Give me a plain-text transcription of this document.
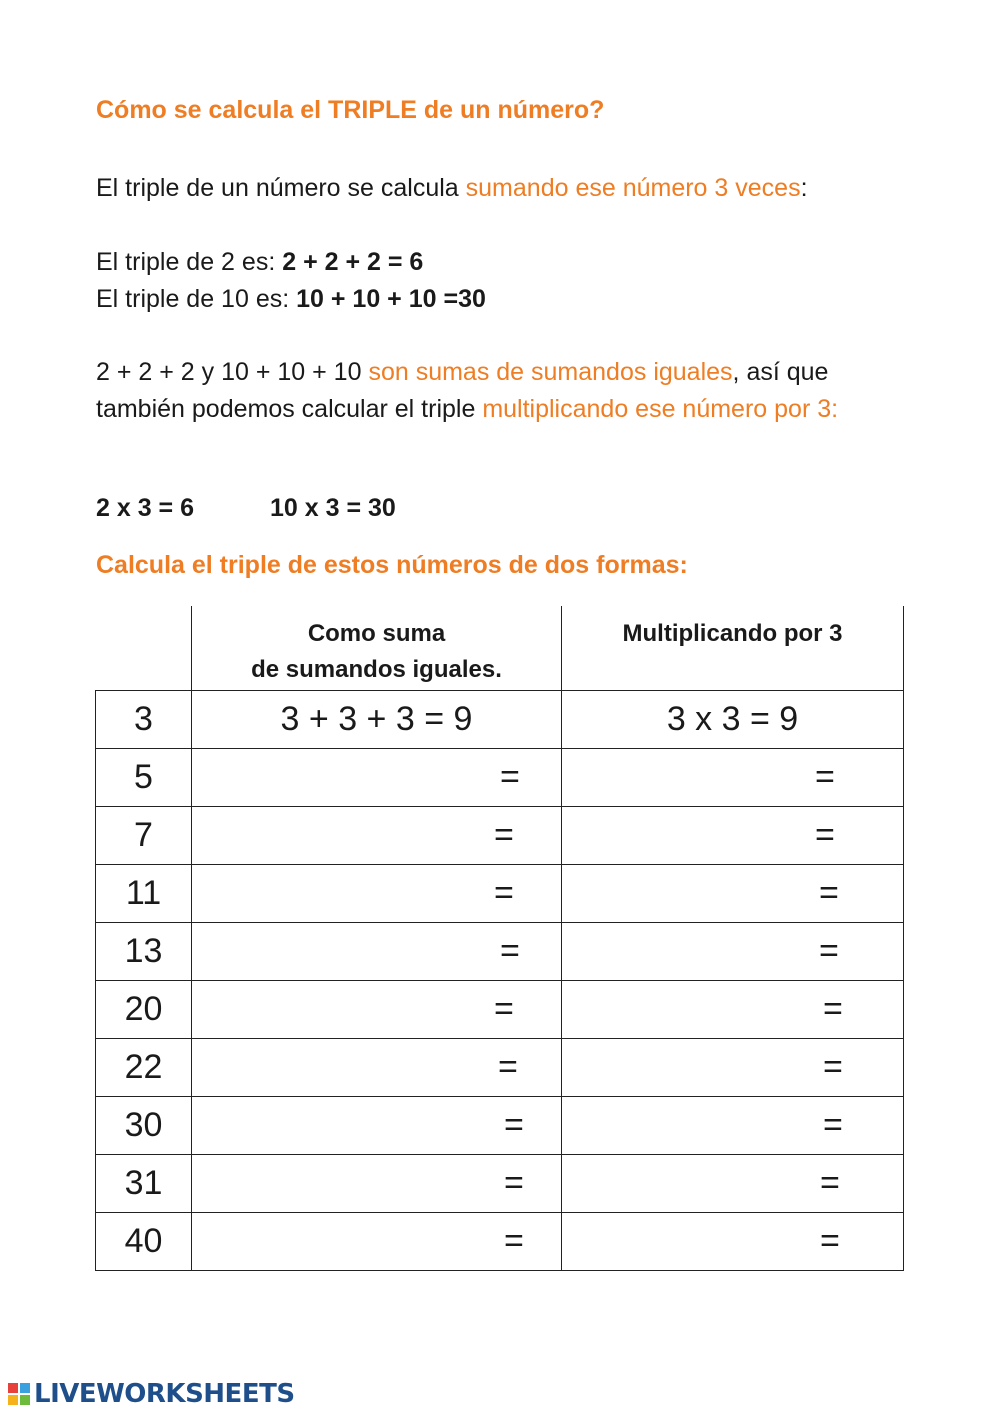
Cómo se calcula el TRIPLE de un número?

El triple de un número se calcula sumando ese número 3 veces:

El triple de 2 es: 2 + 2 + 2 = 6
El triple de 10 es: 10 + 10 + 10 =30

2 + 2 + 2 y 10 + 10 + 10 son sumas de sumandos iguales, así que también podemos calcular el triple multiplicando ese número por 3:

2 x 3 = 6	10 x 3 = 30

Calcula el triple de estos números de dos formas:
	Como suma
de sumandos iguales.	Multiplicando por 3
3	3 + 3 + 3 = 9	3 x 3 = 9

5	=	=

7	=	=

11	=	=

13	=	=

20	=	=

22	=	=

30	=	=

31	=	=

40	=	=
LIVEWORKSHEETS
